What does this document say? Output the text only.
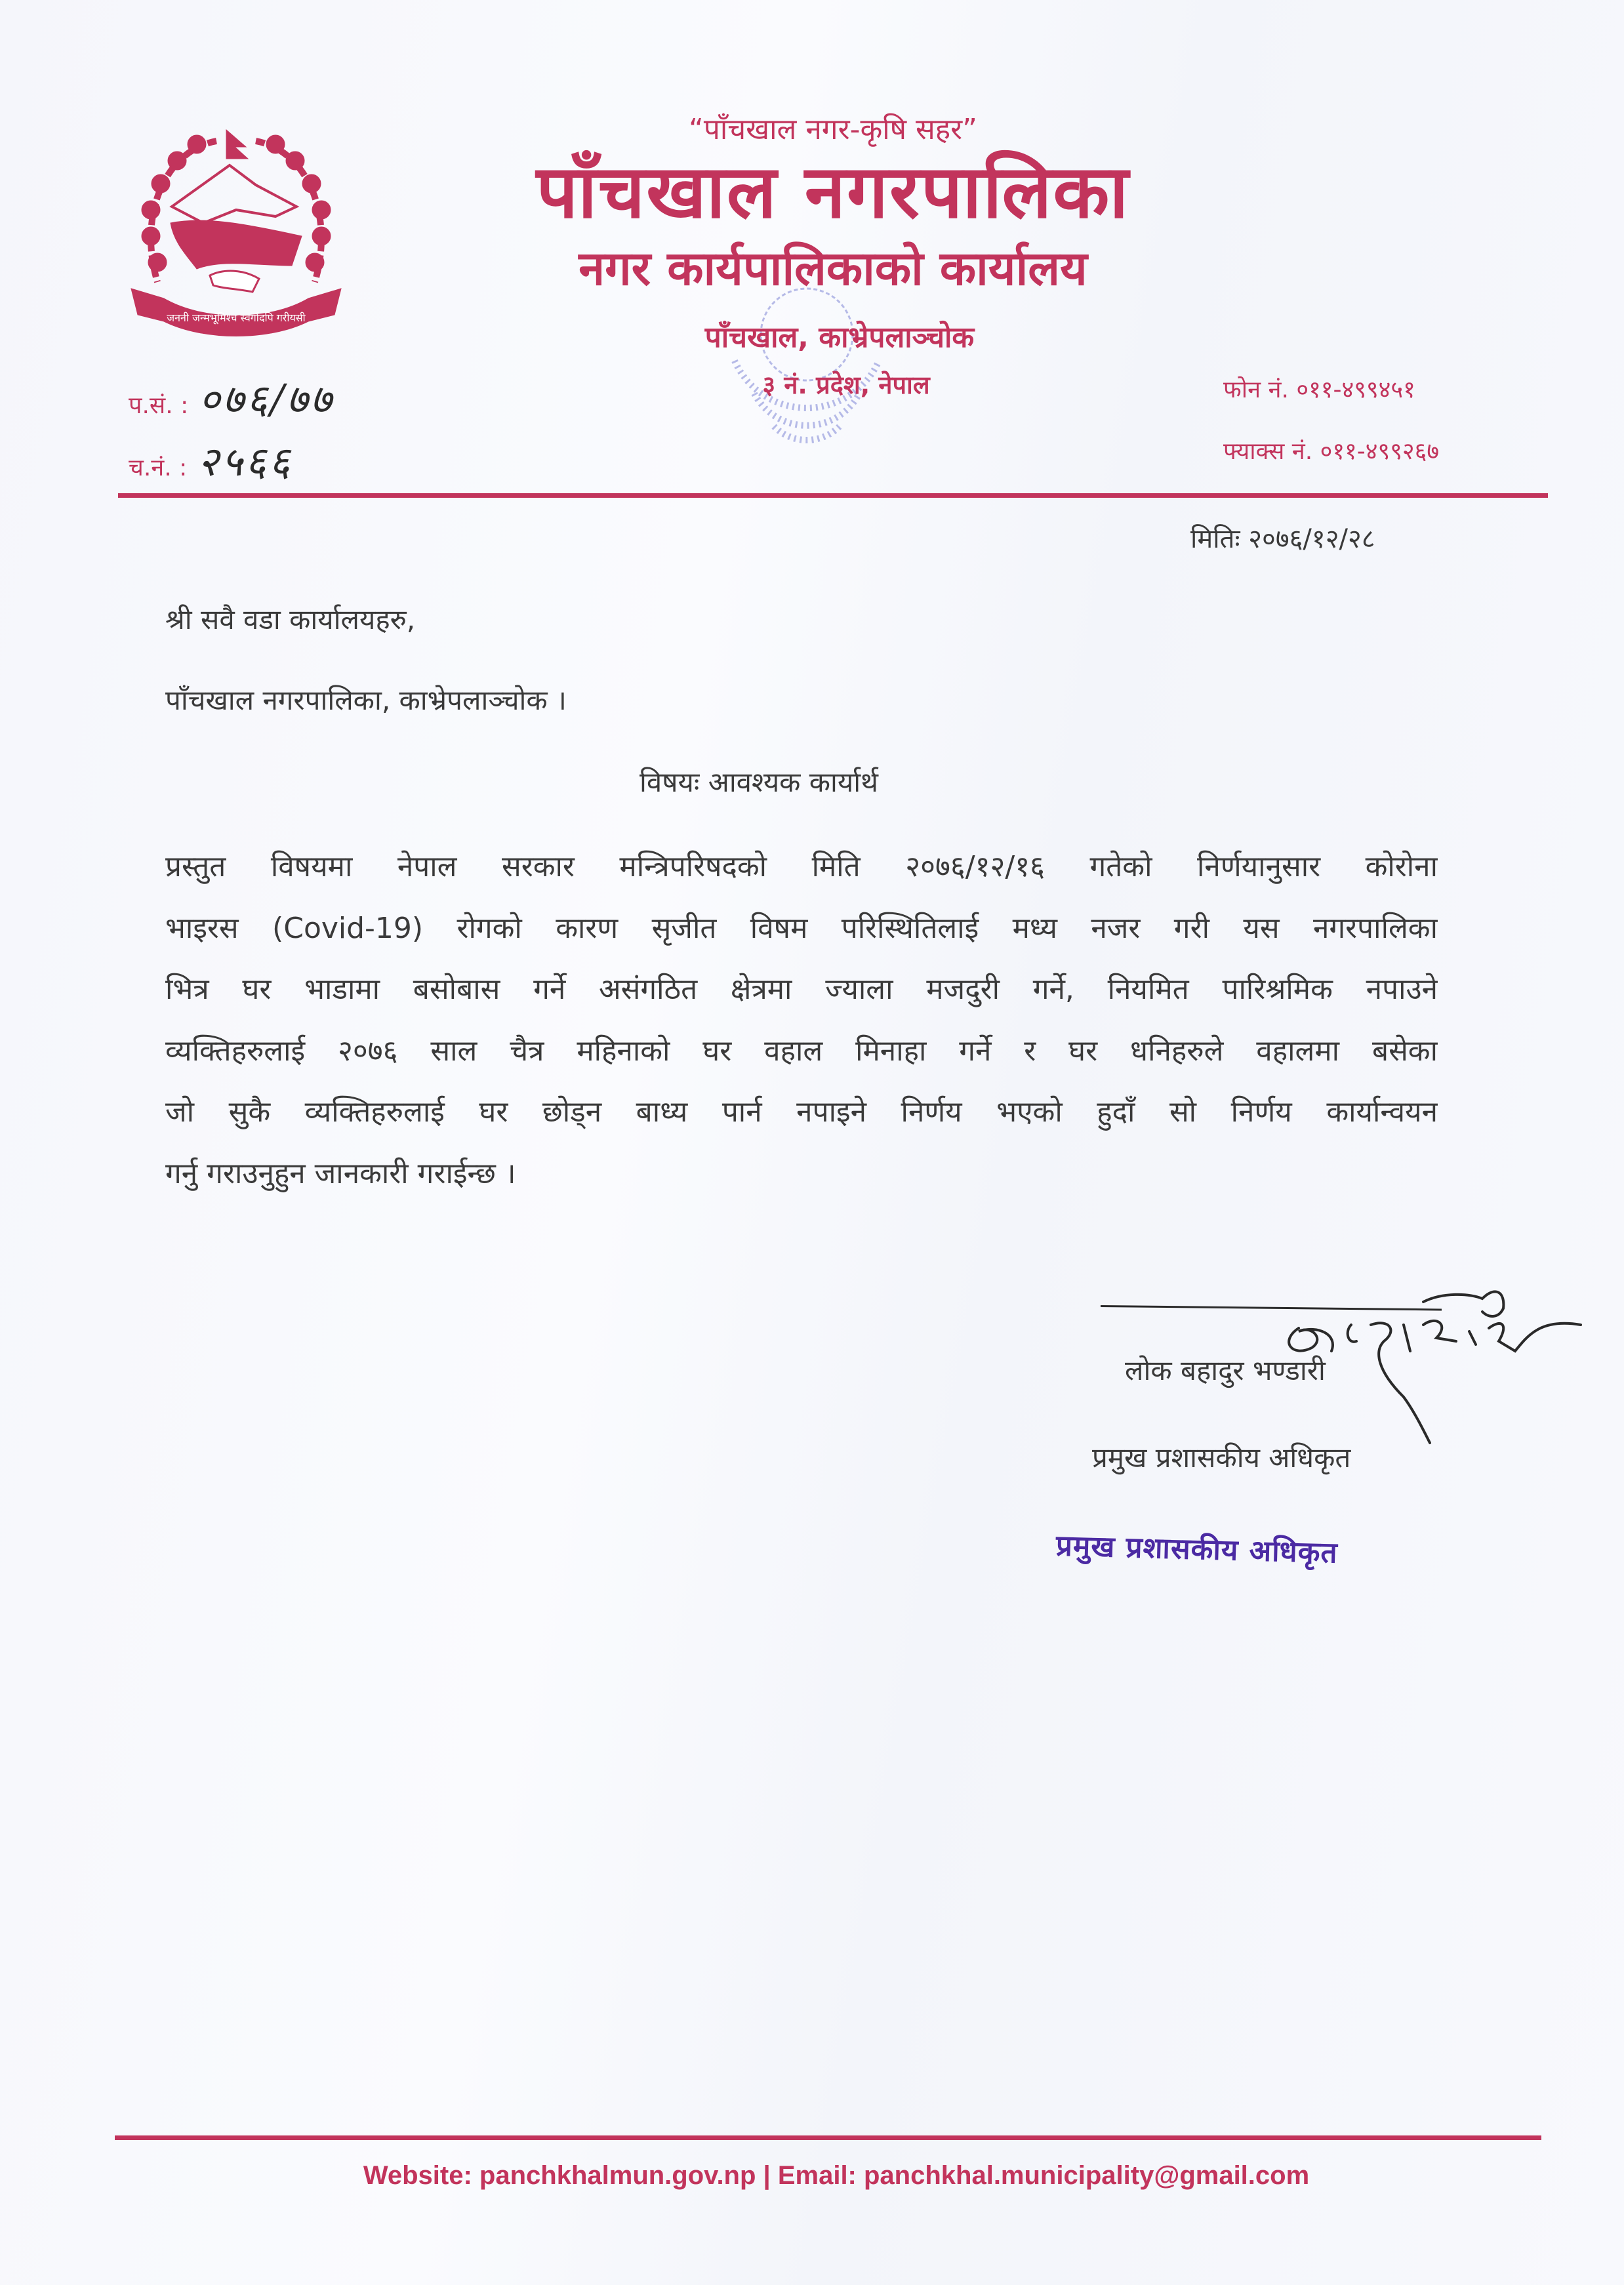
जननी जन्मभूमिश्च स्वर्गादपि गरीयसी
“पाँचखाल नगर-कृषि सहर”
पाँचखाल नगरपालिका
नगर कार्यपालिकाको कार्यालय
पाँचखाल, काभ्रेपलाञ्चोक
३ नं. प्रदेश, नेपाल
प.सं. : ०७६/७७
च.नं. : २५६६
फोन नं. ०११-४९९४५१
फ्याक्स नं. ०११-४९९२६७
मितिः २०७६/१२/२८
श्री सवै वडा कार्यालयहरु,
पाँचखाल नगरपालिका, काभ्रेपलाञ्चोक ।
विषयः आवश्यक कार्यार्थ
प्रस्तुत विषयमा नेपाल सरकार मन्त्रिपरिषदको मिति २०७६/१२/१६ गतेको निर्णयानुसार कोरोना
भाइरस (Covid-19) रोगको कारण सृजीत विषम परिस्थितिलाई मध्य नजर गरी यस नगरपालिका
भित्र घर भाडामा बसोबास गर्ने असंगठित क्षेत्रमा ज्याला मजदुरी गर्ने, नियमित पारिश्रमिक नपाउने
व्यक्तिहरुलाई २०७६ साल चैत्र महिनाको घर वहाल मिनाहा गर्ने र घर धनिहरुले वहालमा बसेका
जो सुकै व्यक्तिहरुलाई घर छोड्न बाध्य पार्न नपाइने निर्णय भएको हुदाँ सो निर्णय कार्यान्वयन
गर्नु गराउनुहुन जानकारी गराईन्छ ।
२०७६/१२/२८
लोक बहादुर भण्डारी
प्रमुख प्रशासकीय अधिकृत
प्रमुख प्रशासकीय अधिकृत
Website: panchkhalmun.gov.np | Email: panchkhal.municipality@gmail.com
